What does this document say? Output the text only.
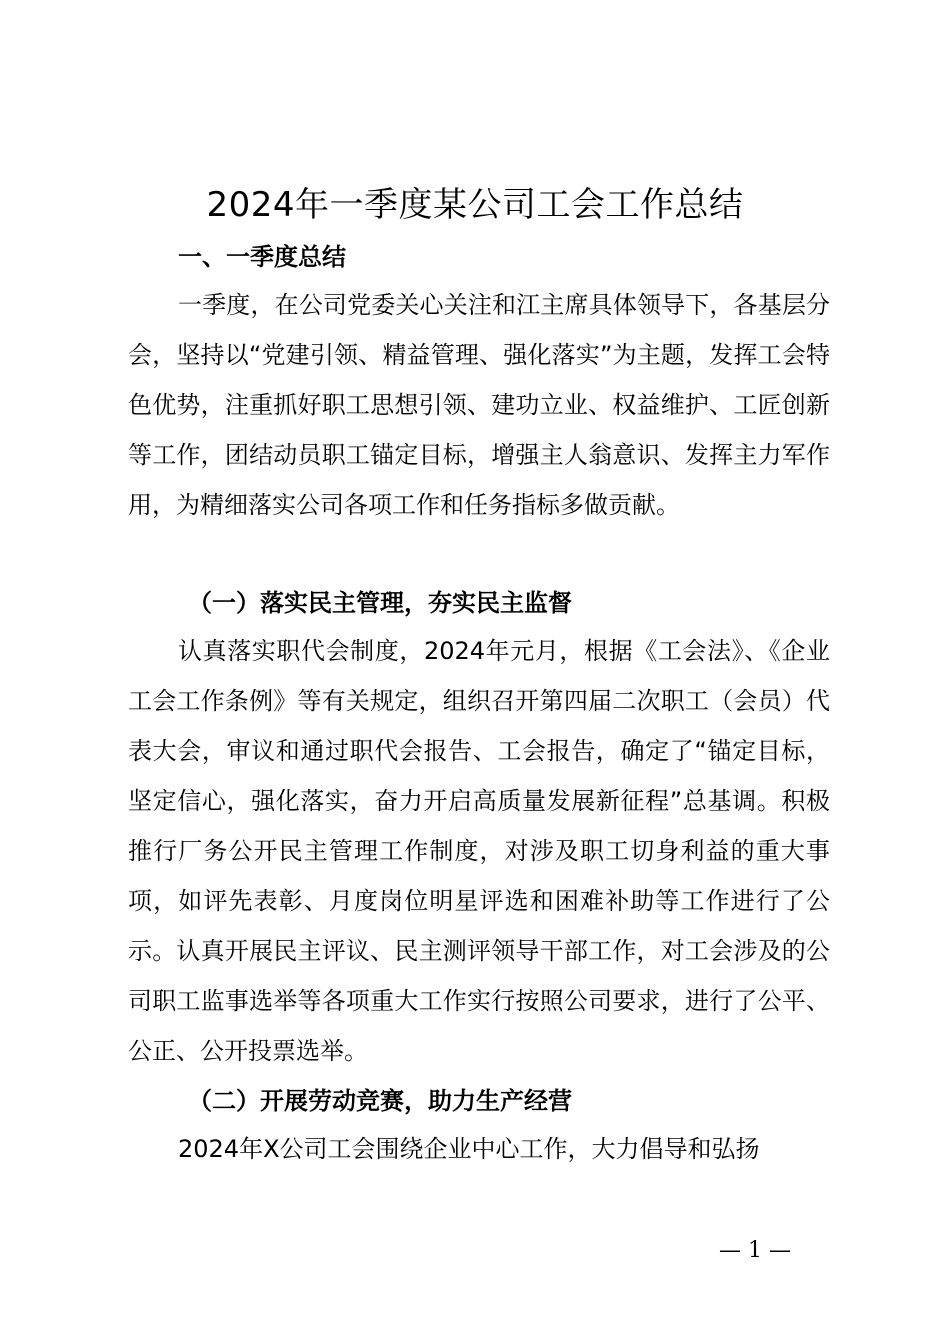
2024年一季度某公司工会工作总结
一、一季度总结

一季度，在公司党委关心关注和江主席具体领导下，各基层分会，坚持以“党建引领、精益管理、强化落实”为主题，发挥工会特色优势，注重抓好职工思想引领、建功立业、权益维护、工匠创新等工作，团结动员职工锚定目标，增强主人翁意识、发挥主力军作用，为精细落实公司各项工作和任务指标多做贡献。

（一）落实民主管理，夯实民主监督

认真落实职代会制度，2024年元月，根据《工会法》、《企业工会工作条例》等有关规定，组织召开第四届二次职工（会员）代表大会，审议和通过职代会报告、工会报告，确定了“锚定目标，坚定信心，强化落实，奋力开启高质量发展新征程”总基调。积极推行厂务公开民主管理工作制度，对涉及职工切身利益的重大事项，如评先表彰、月度岗位明星评选和困难补助等工作进行了公示。认真开展民主评议、民主测评领导干部工作，对工会涉及的公司职工监事选举等各项重大工作实行按照公司要求，进行了公平、公正、公开投票选举。

（二）开展劳动竞赛，助力生产经营

2024年X公司工会围绕企业中心工作，大力倡导和弘扬

— 1 —
